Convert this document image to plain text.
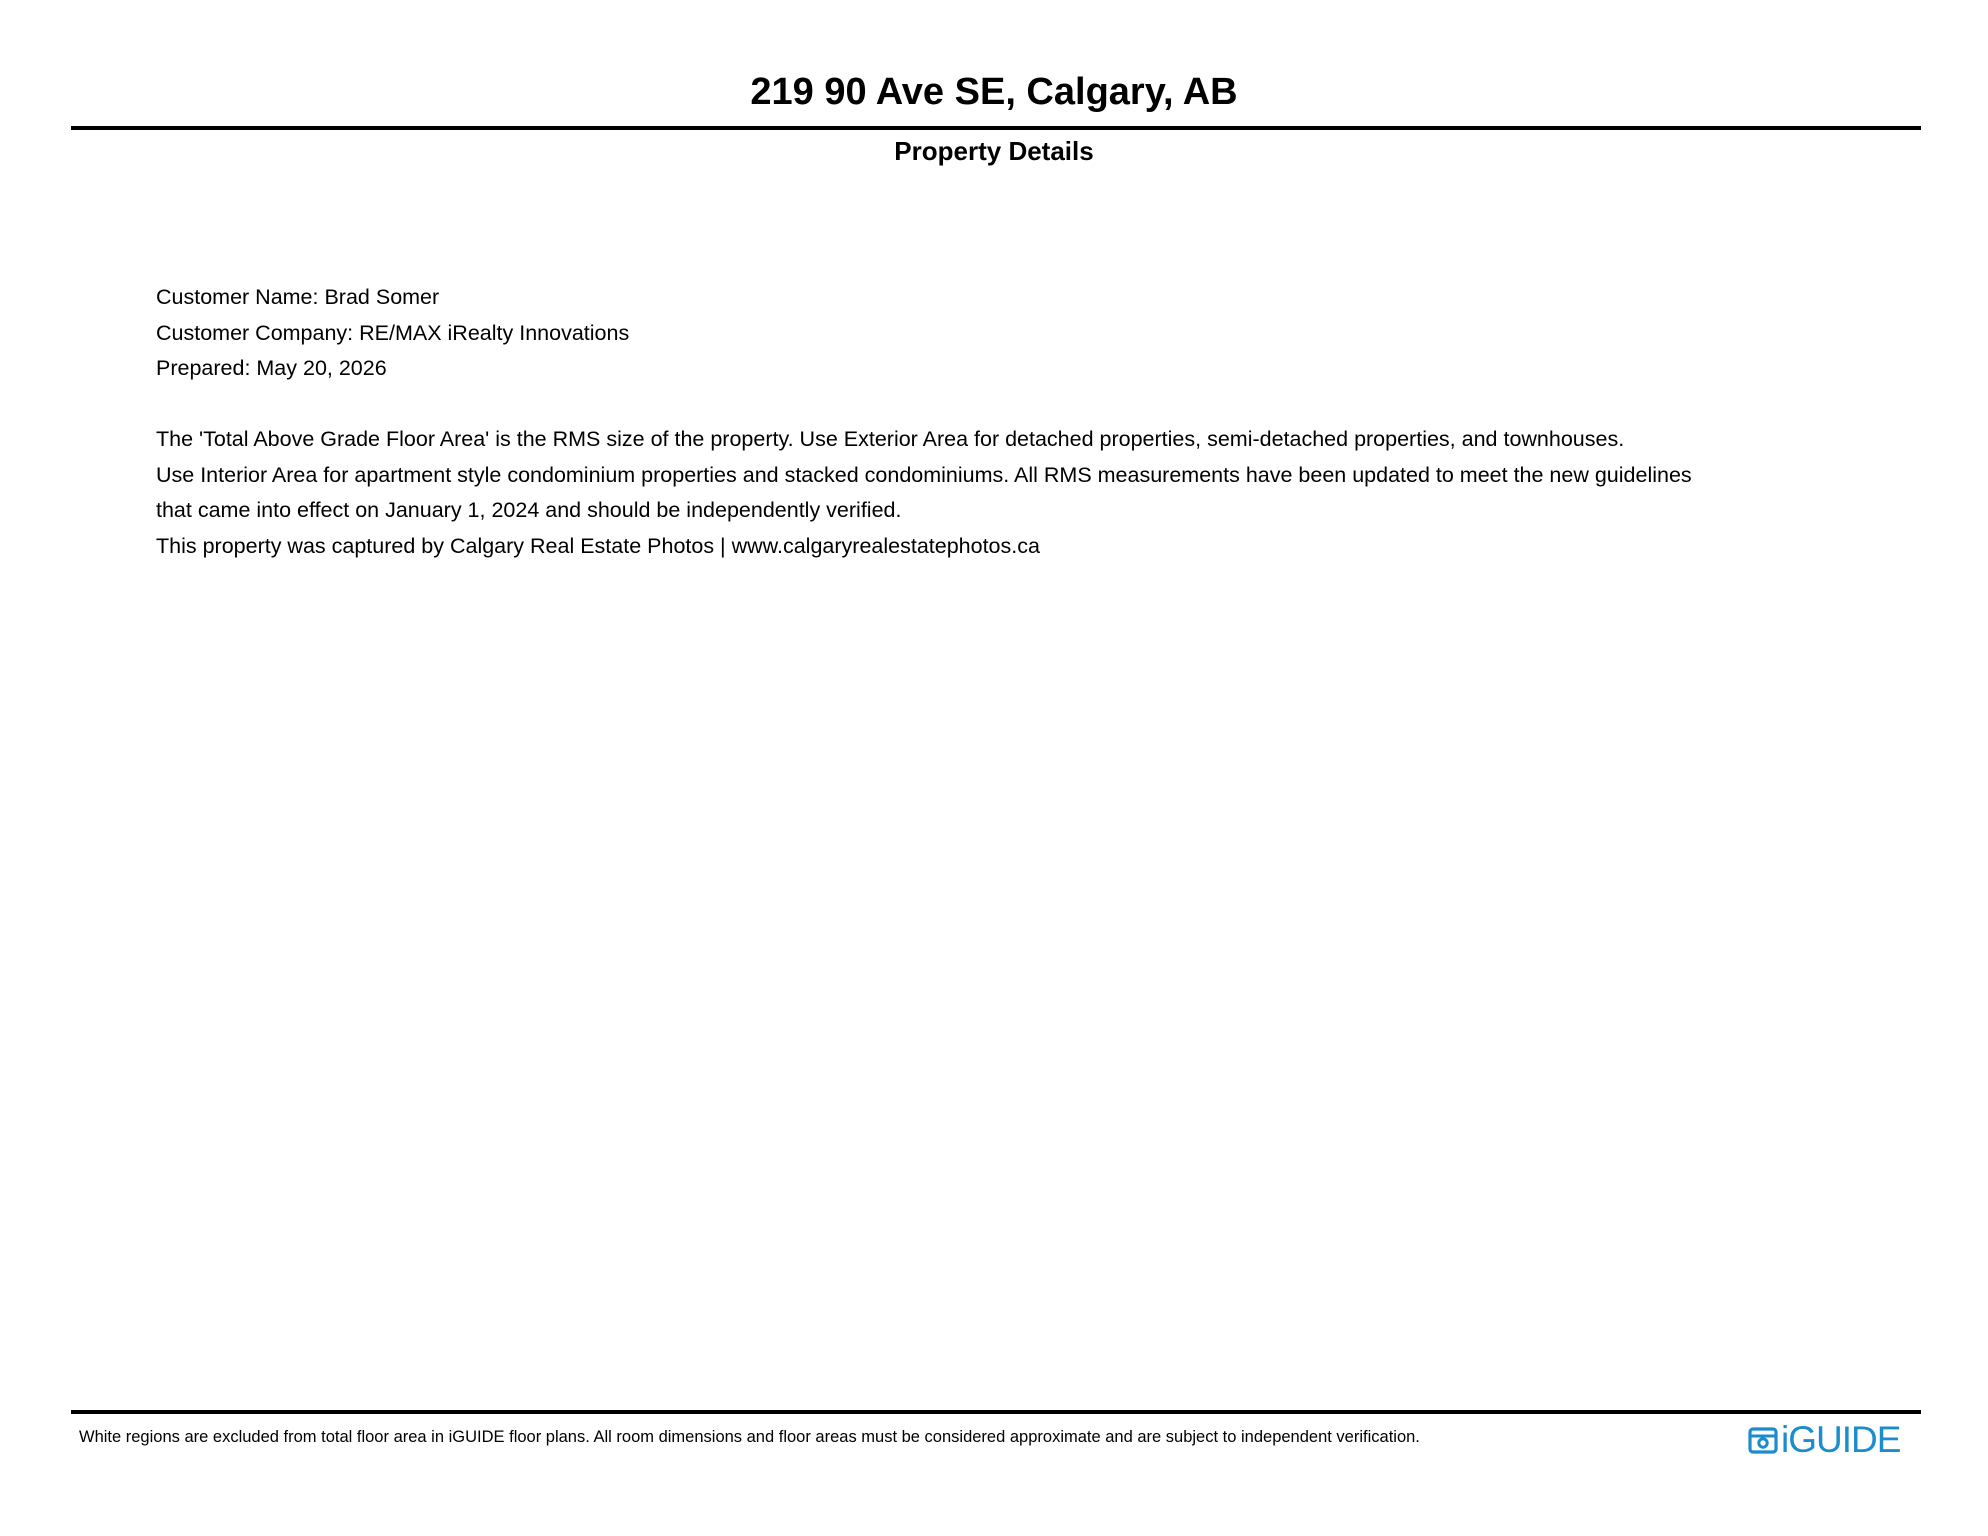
219 90 Ave SE, Calgary, AB
Property Details
Customer Name: Brad Somer
Customer Company: RE/MAX iRealty Innovations
Prepared: May 20, 2026
The 'Total Above Grade Floor Area' is the RMS size of the property. Use Exterior Area for detached properties, semi-detached properties, and townhouses.
Use Interior Area for apartment style condominium properties and stacked condominiums. All RMS measurements have been updated to meet the new guidelines
that came into effect on January 1, 2024 and should be independently verified.
This property was captured by Calgary Real Estate Photos | www.calgaryrealestatephotos.ca
White regions are excluded from total floor area in iGUIDE floor plans. All room dimensions and floor areas must be considered approximate and are subject to independent verification.	iGUIDE
